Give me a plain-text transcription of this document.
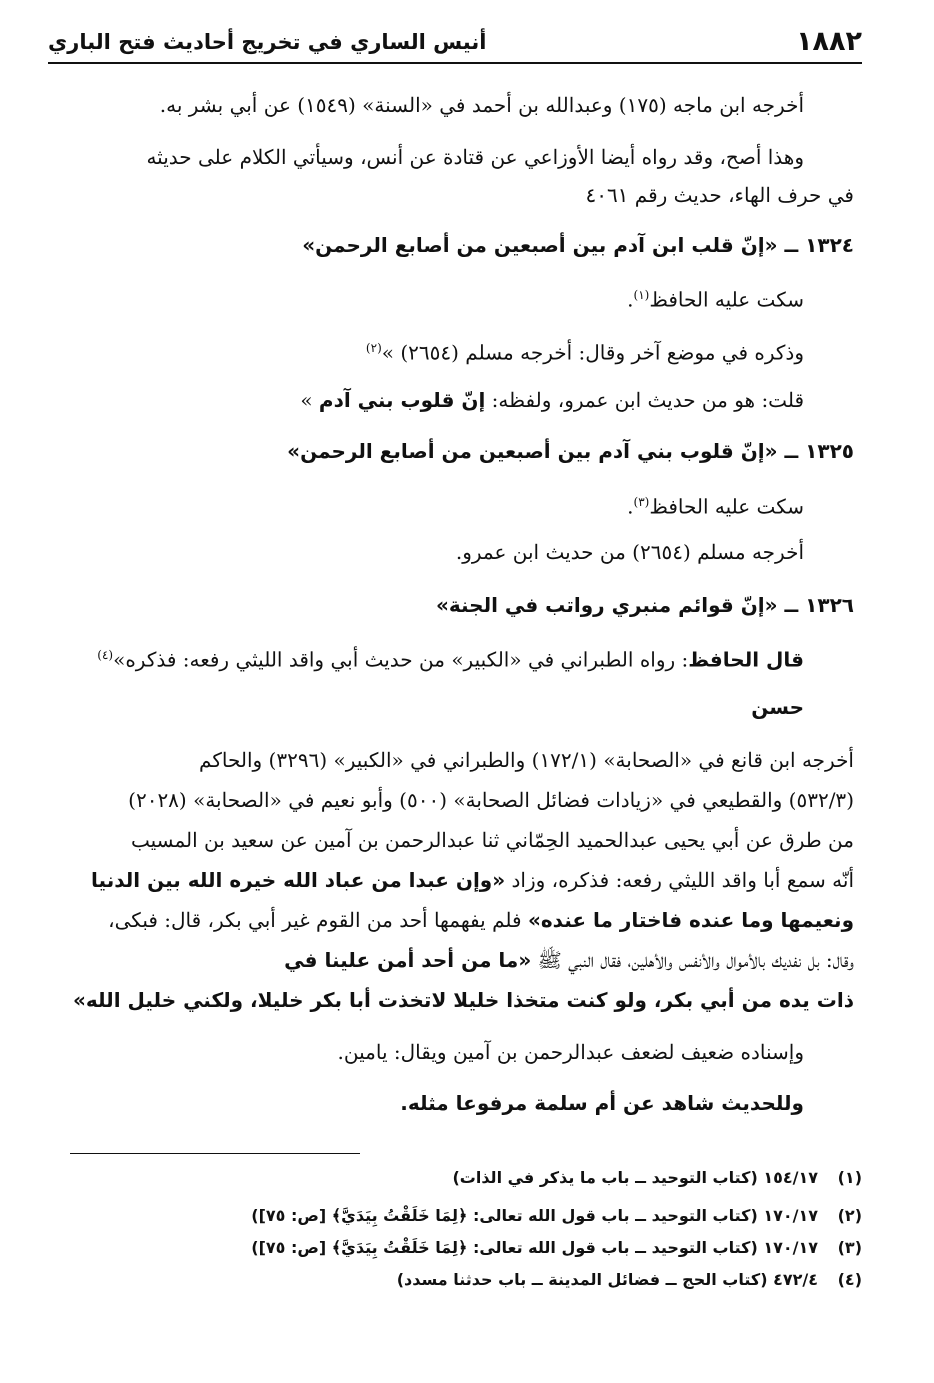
١٨٨٢
أنيس الساري في تخريج أحاديث فتح الباري
أخرجه ابن ماجه (١٧٥) وعبدالله بن أحمد في «السنة» (١٥٤٩) عن أبي بشر به.
وهذا أصح، وقد رواه أيضا الأوزاعي عن قتادة عن أنس، وسيأتي الكلام على حديثه
في حرف الهاء، حديث رقم ٤٠٦١
١٣٢٤ ــ «إنّ قلب ابن آدم بين أصبعين من أصابع الرحمن»
سكت عليه الحافظ$^{(١)}$.
وذكره في موضع آخر وقال: أخرجه مسلم (٢٦٥٤) »$^{(٢)}$
قلت: هو من حديث ابن عمرو، ولفظه: إنّ قلوب بني آدم »
١٣٢٥ ــ «إنّ قلوب بني آدم بين أصبعين من أصابع الرحمن»
سكت عليه الحافظ$^{(٣)}$.
أخرجه مسلم (٢٦٥٤) من حديث ابن عمرو.
١٣٢٦ ــ «إنّ قوائم منبري رواتب في الجنة»
قال الحافظ: رواه الطبراني في «الكبير» من حديث أبي واقد الليثي رفعه: فذكره»$^{(٤)}$
حسن
أخرجه ابن قانع في «الصحابة» (١٧٢/١) والطبراني في «الكبير» (٣٢٩٦) والحاكم
(٥٣٢/٣) والقطيعي في «زيادات فضائل الصحابة» (٥٠٠) وأبو نعيم في «الصحابة» (٢٠٢٨)
من طرق عن أبي يحيى عبدالحميد الحِمّاني ثنا عبدالرحمن بن آمين عن سعيد بن المسيب
أنّه سمع أبا واقد الليثي رفعه: فذكره، وزاد «وإن عبدا من عباد الله خيره الله بين الدنيا
ونعيمها وما عنده فاختار ما عنده» فلم يفهمها أحد من القوم غير أبي بكر، قال: فبكى،
وقال: بل نفديك بالأموال والأنفس والأهلين، فقال النبي ﷺ «ما من أحد أمن علينا في
ذات يده من أبي بكر، ولو كنت متخذا خليلا لاتخذت أبا بكر خليلا، ولكني خليل الله»
وإسناده ضعيف لضعف عبدالرحمن بن آمين ويقال: يامين.
وللحديث شاهد عن أم سلمة مرفوعا مثله.
(١)١٥٤/١٧ (كتاب التوحيد ــ باب ما يذكر في الذات)
(٢)١٧٠/١٧ (كتاب التوحيد ــ باب قول الله تعالى: ﴿لِمَا خَلَقْتُ بِيَدَيَّ﴾ [ص: ٧٥])
(٣)١٧٠/١٧ (كتاب التوحيد ــ باب قول الله تعالى: ﴿لِمَا خَلَقْتُ بِيَدَيَّ﴾ [ص: ٧٥])
(٤)٤٧٢/٤ (كتاب الحج ــ فضائل المدينة ــ باب حدثنا مسدد)
